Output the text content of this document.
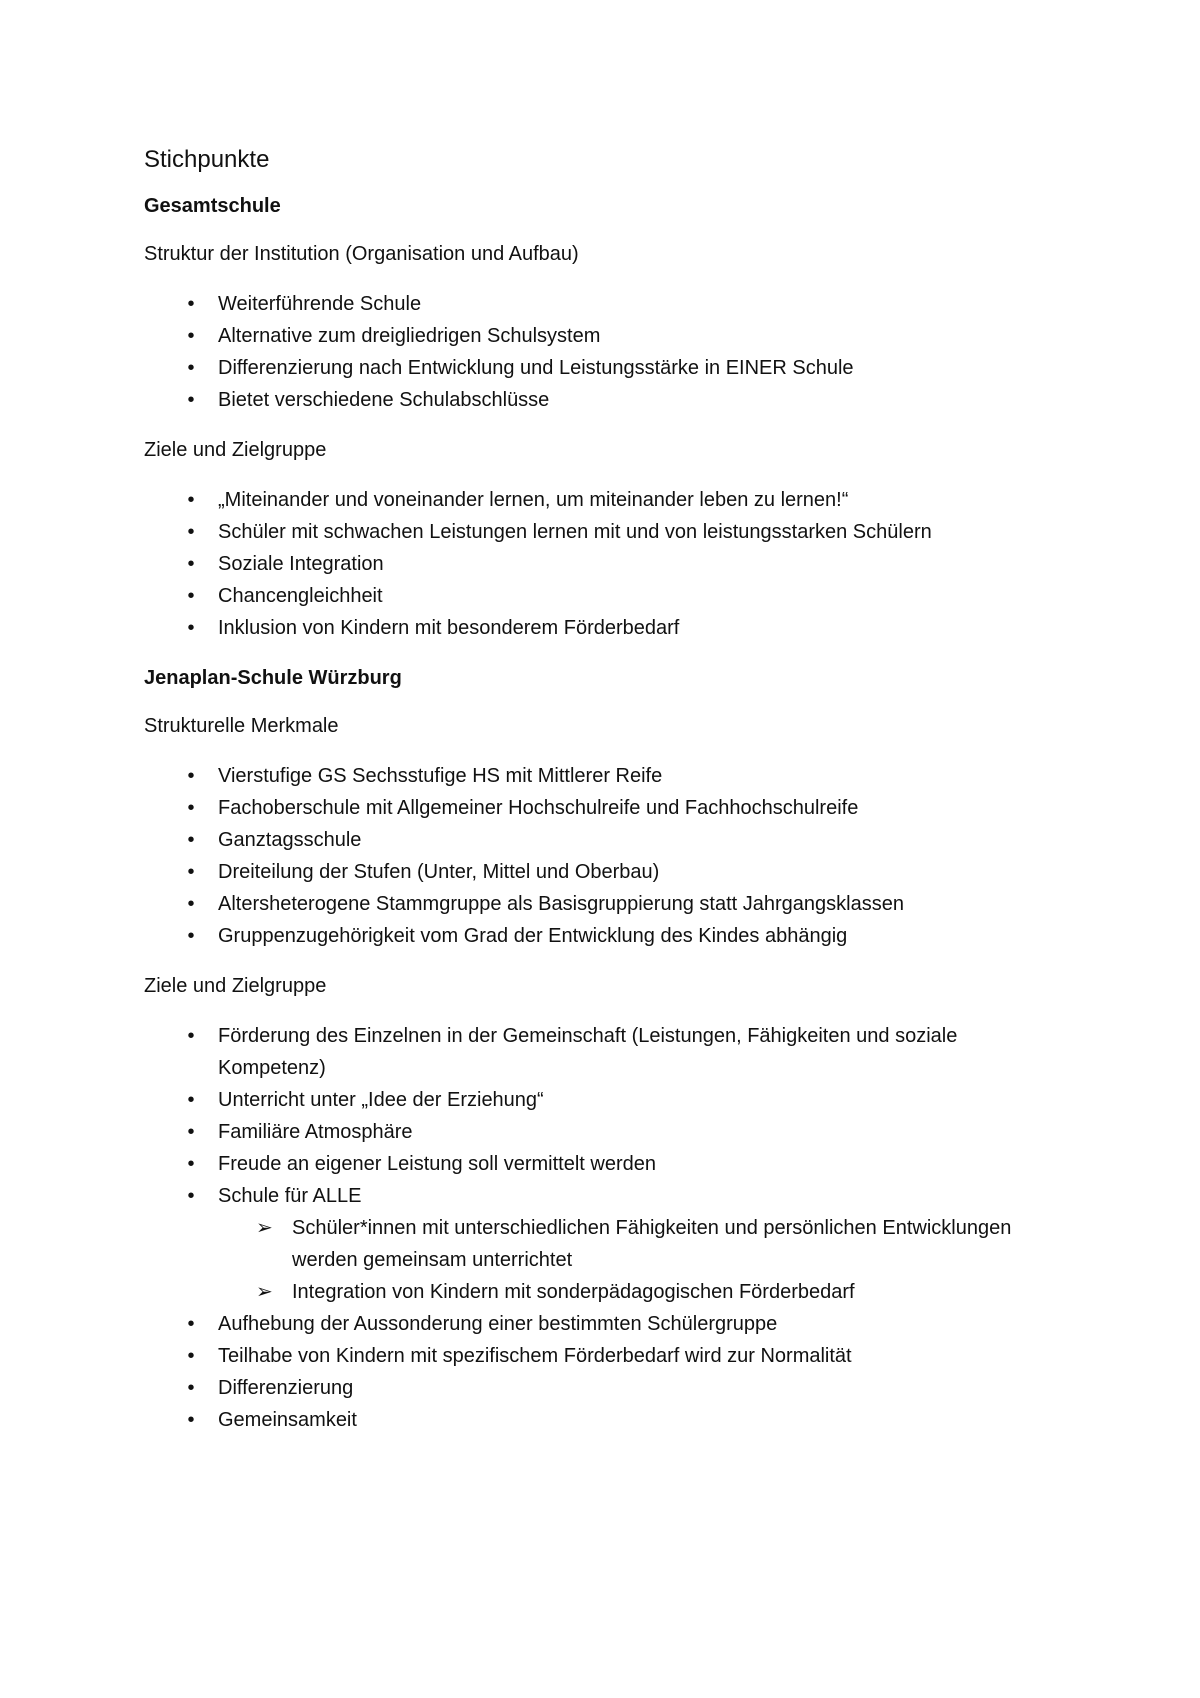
Stichpunkte
Gesamtschule
Struktur der Institution (Organisation und Aufbau)
• Weiterführende Schule
• Alternative zum dreigliedrigen Schulsystem
• Differenzierung nach Entwicklung und Leistungsstärke in EINER Schule
• Bietet verschiedene Schulabschlüsse
Ziele und Zielgruppe
• „Miteinander und voneinander lernen, um miteinander leben zu lernen!“
• Schüler mit schwachen Leistungen lernen mit und von leistungsstarken Schülern
• Soziale Integration
• Chancengleichheit
• Inklusion von Kindern mit besonderem Förderbedarf
Jenaplan-Schule Würzburg
Strukturelle Merkmale
• Vierstufige GS Sechsstufige HS mit Mittlerer Reife
• Fachoberschule mit Allgemeiner Hochschulreife und Fachhochschulreife
• Ganztagsschule
• Dreiteilung der Stufen (Unter, Mittel und Oberbau)
• Altersheterogene Stammgruppe als Basisgruppierung statt Jahrgangsklassen
• Gruppenzugehörigkeit vom Grad der Entwicklung des Kindes abhängig
Ziele und Zielgruppe
• Förderung des Einzelnen in der Gemeinschaft (Leistungen, Fähigkeiten und soziale Kompetenz)
• Unterricht unter „Idee der Erziehung“
• Familiäre Atmosphäre
• Freude an eigener Leistung soll vermittelt werden
• Schule für ALLE
➢ Schüler*innen mit unterschiedlichen Fähigkeiten und persönlichen Entwicklungen werden gemeinsam unterrichtet
➢ Integration von Kindern mit sonderpädagogischen Förderbedarf
• Aufhebung der Aussonderung einer bestimmten Schülergruppe
• Teilhabe von Kindern mit spezifischem Förderbedarf wird zur Normalität
• Differenzierung
• Gemeinsamkeit
